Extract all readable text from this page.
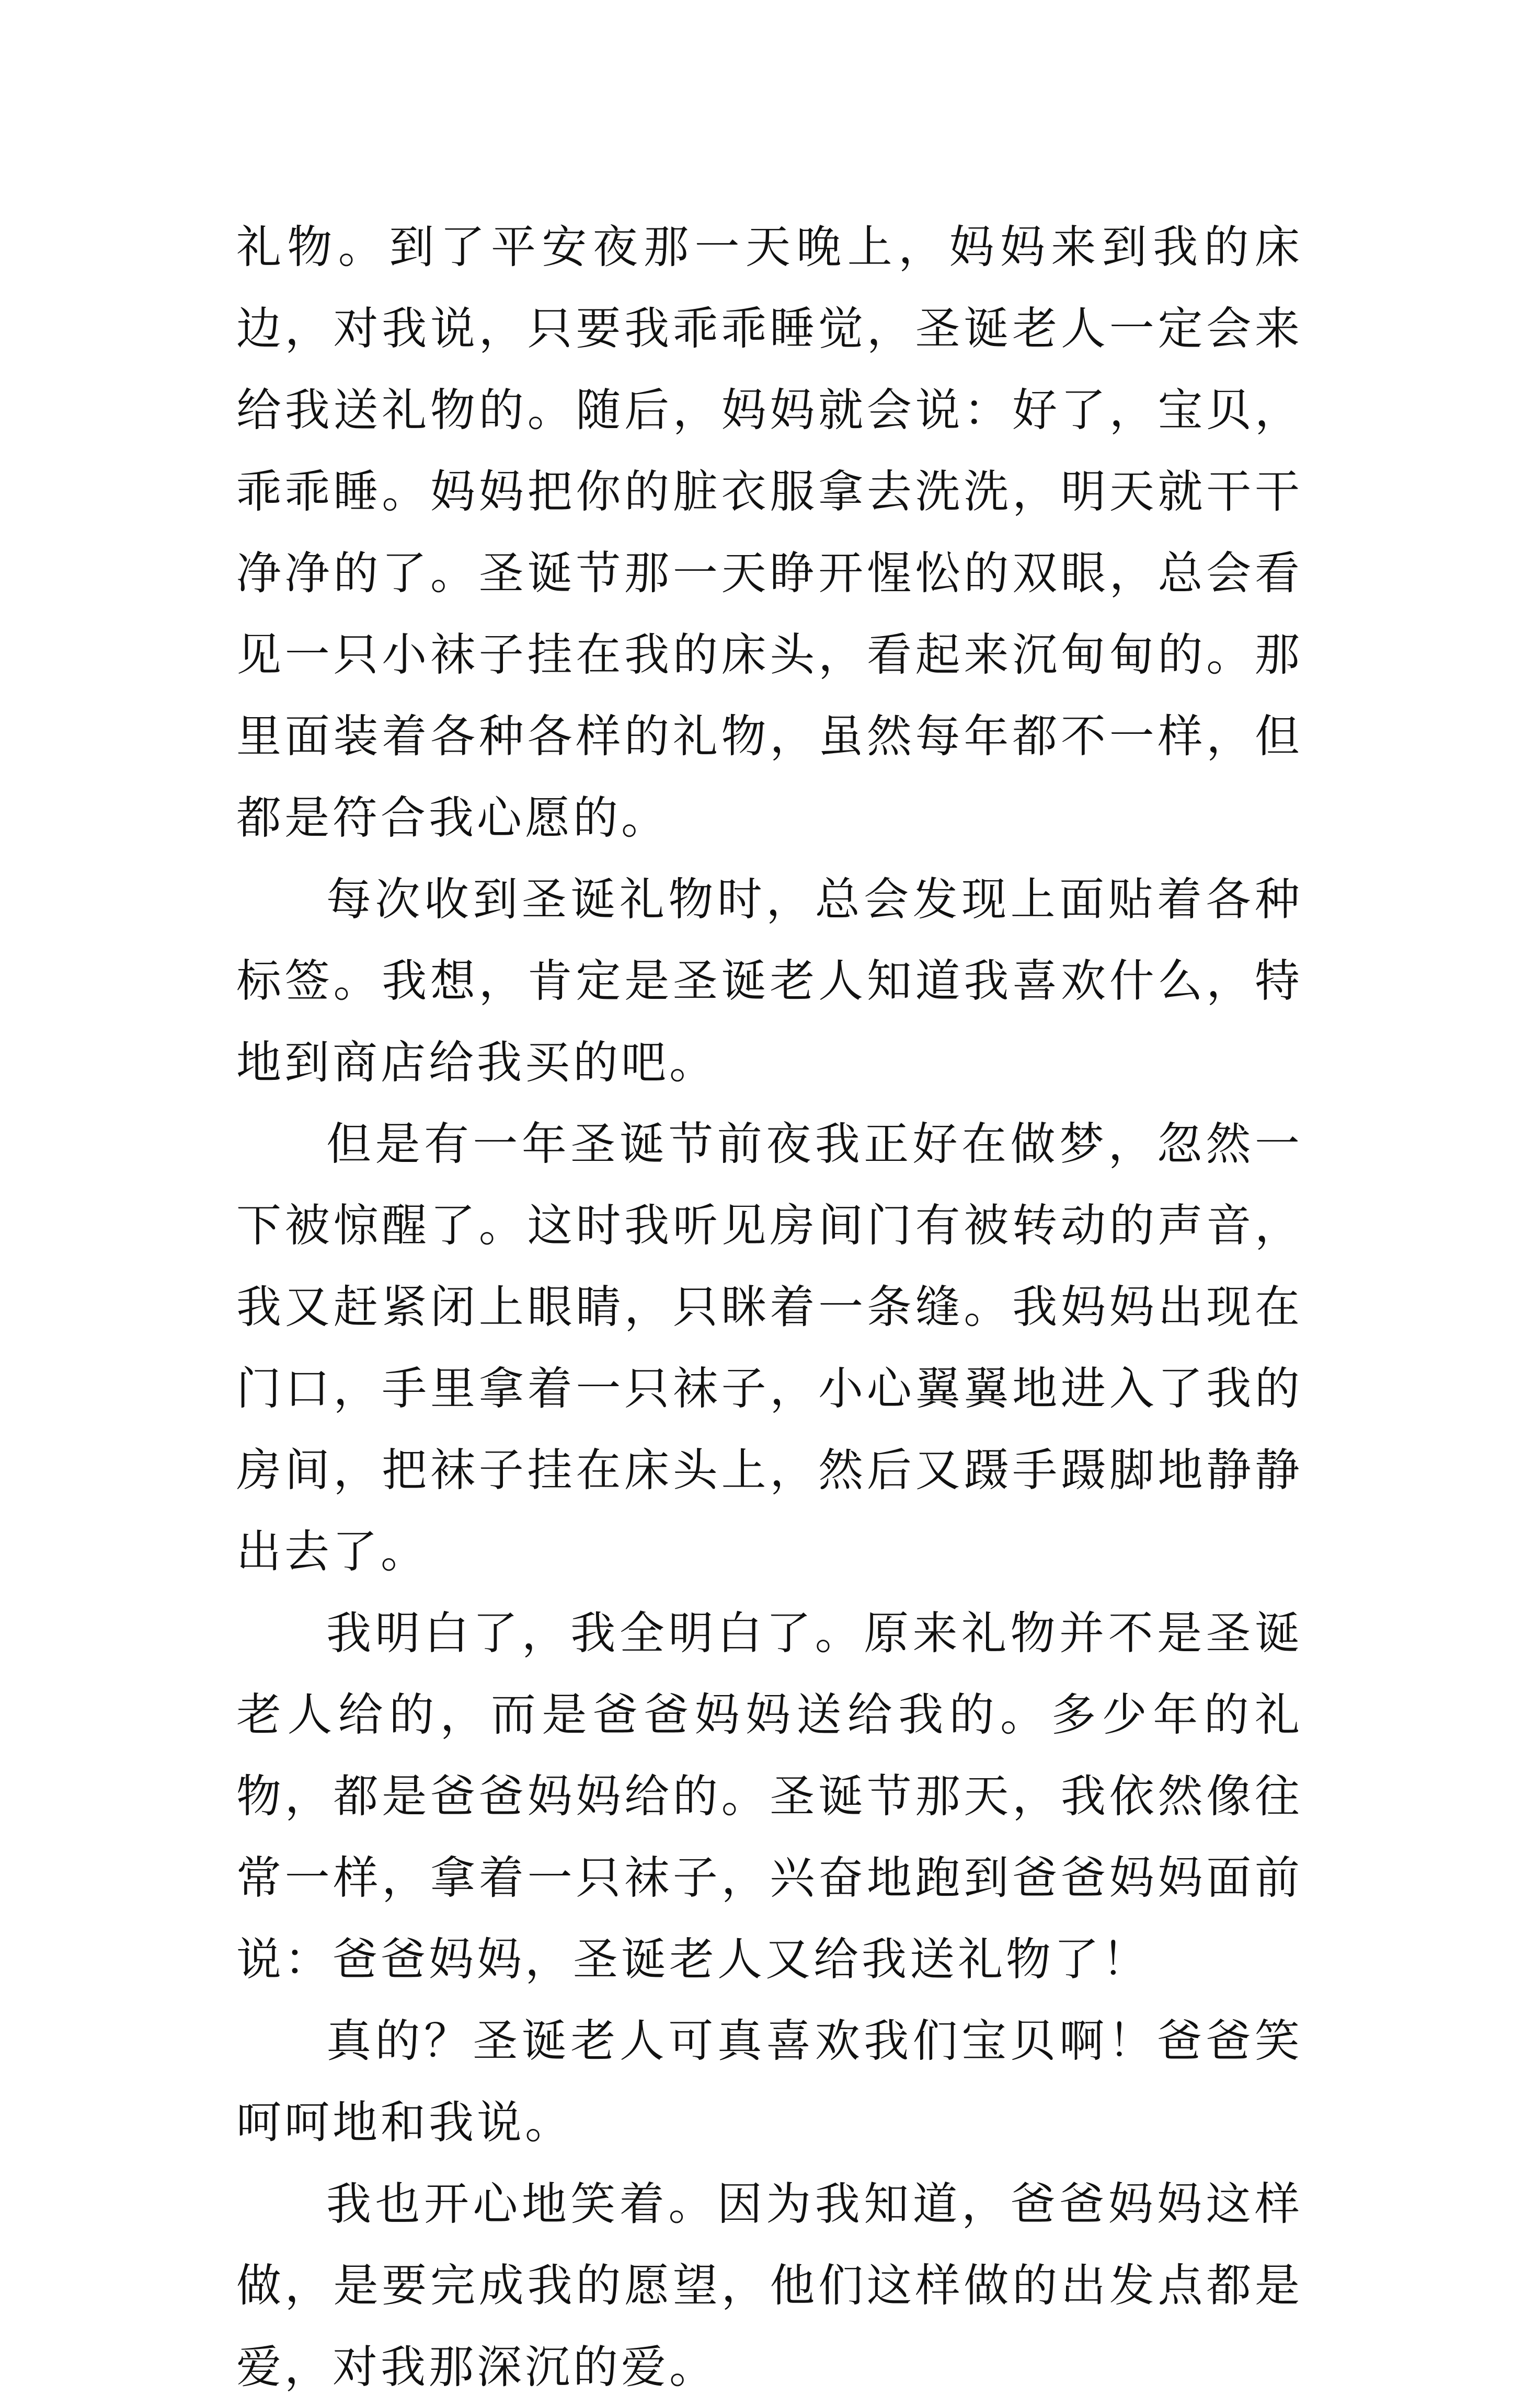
礼物。到了平安夜那一天晚上，妈妈来到我的床边，对我说，只要我乖乖睡觉，圣诞老人一定会来给我送礼物的。随后，妈妈就会说：好了，宝贝，乖乖睡。妈妈把你的脏衣服拿去洗洗，明天就干干净净的了。圣诞节那一天睁开惺忪的双眼，总会看见一只小袜子挂在我的床头，看起来沉甸甸的。那里面装着各种各样的礼物，虽然每年都不一样，但都是符合我心愿的。

每次收到圣诞礼物时，总会发现上面贴着各种标签。我想，肯定是圣诞老人知道我喜欢什么，特地到商店给我买的吧。

但是有一年圣诞节前夜我正好在做梦，忽然一下被惊醒了。这时我听见房间门有被转动的声音，我又赶紧闭上眼睛，只眯着一条缝。我妈妈出现在门口，手里拿着一只袜子，小心翼翼地进入了我的房间，把袜子挂在床头上，然后又蹑手蹑脚地静静出去了。

我明白了，我全明白了。原来礼物并不是圣诞老人给的，而是爸爸妈妈送给我的。多少年的礼物，都是爸爸妈妈给的。圣诞节那天，我依然像往常一样，拿着一只袜子，兴奋地跑到爸爸妈妈面前说：爸爸妈妈，圣诞老人又给我送礼物了！

真的？圣诞老人可真喜欢我们宝贝啊！爸爸笑呵呵地和我说。

我也开心地笑着。因为我知道，爸爸妈妈这样做，是要完成我的愿望，他们这样做的出发点都是爱，对我那深沉的爱。
